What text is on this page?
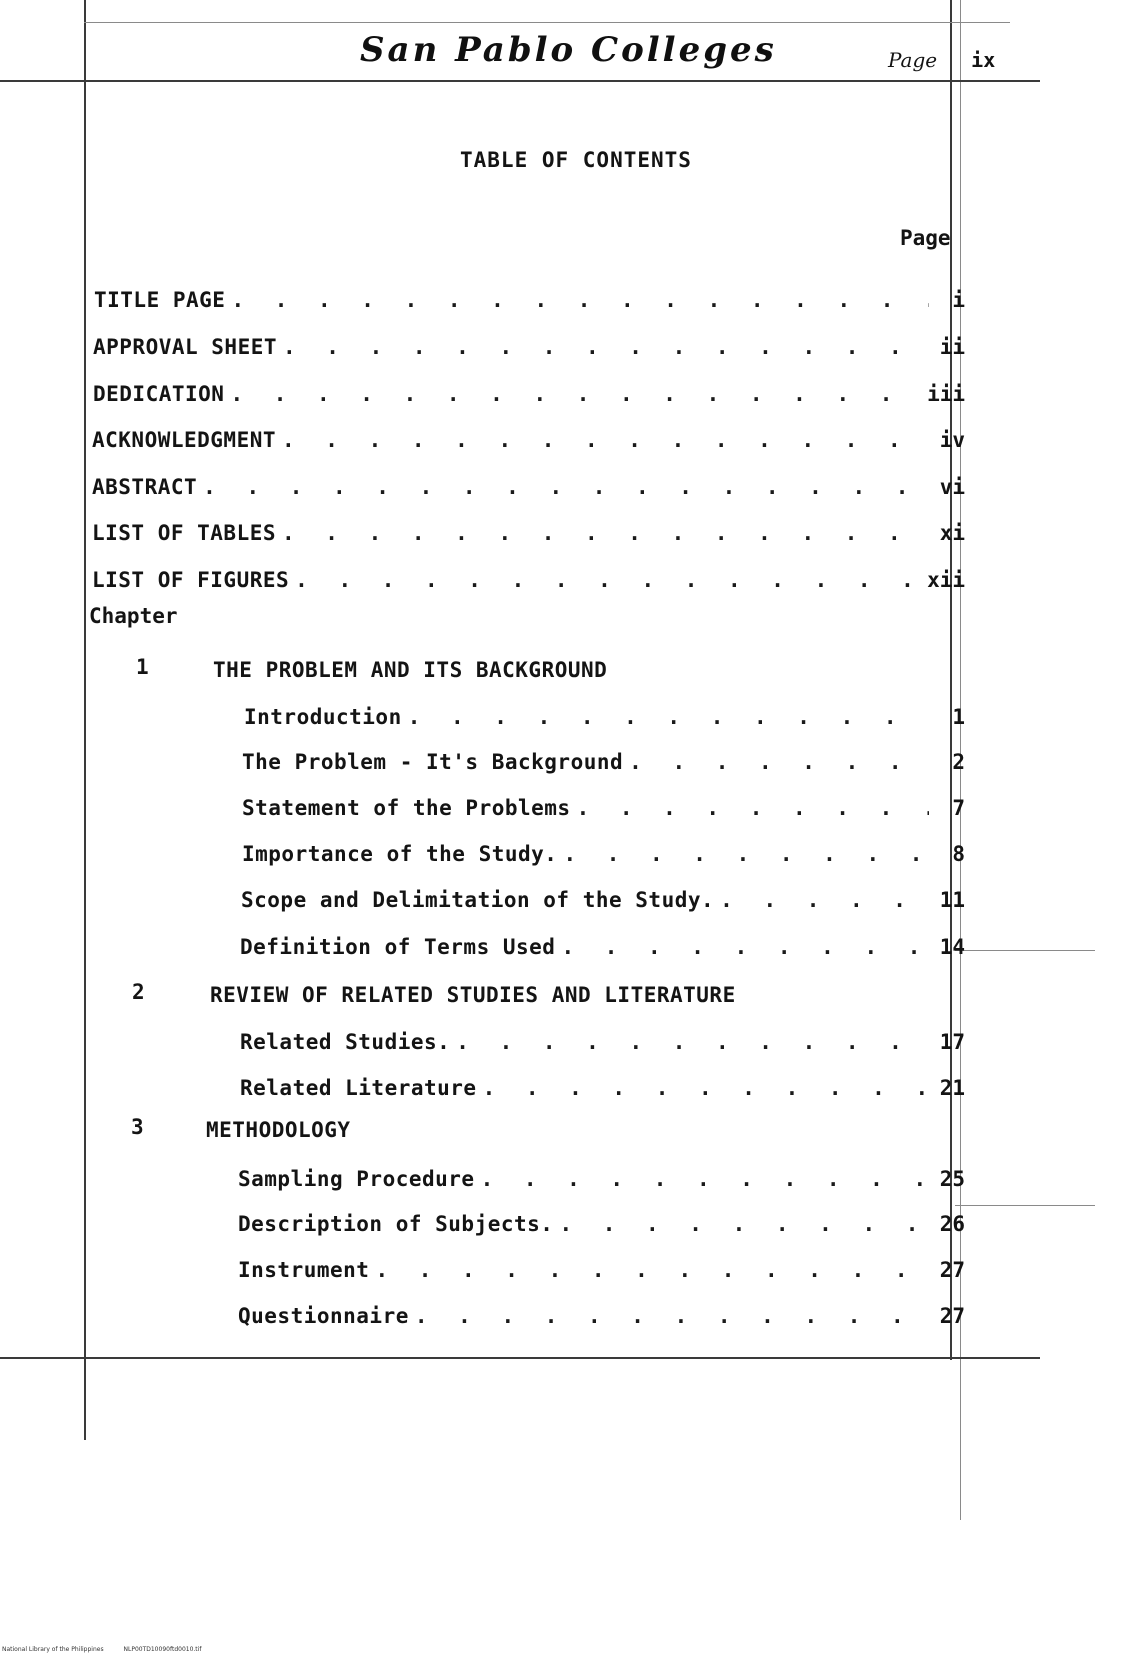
San Pablo Colleges	Page ix
TABLE OF CONTENTS
Page
TITLE PAGE . . .	i
APPROVAL SHEET . . .	ii
DEDICATION . . .	iii
ACKNOWLEDGMENT . . .	iv
ABSTRACT . . .	vi
LIST OF TABLES . . .	xi
LIST OF FIGURES . . .	xii
Chapter
1	THE PROBLEM AND ITS BACKGROUND
Introduction . . .	1
The Problem - It's Background . . .	2
Statement of the Problems . . .	7
Importance of the Study. . . .	8
Scope and Delimitation of the Study. . . .	11
Definition of Terms Used . . .	14
2	REVIEW OF RELATED STUDIES AND LITERATURE
Related Studies. . . .	17
Related Literature . . .	21
3	METHODOLOGY
Sampling Procedure . . .	25
Description of Subjects. . . .	26
Instrument . . .	27
Questionnaire . . .	27
National Library of the Philippines	NLP00TD10090ftd0010.tif
